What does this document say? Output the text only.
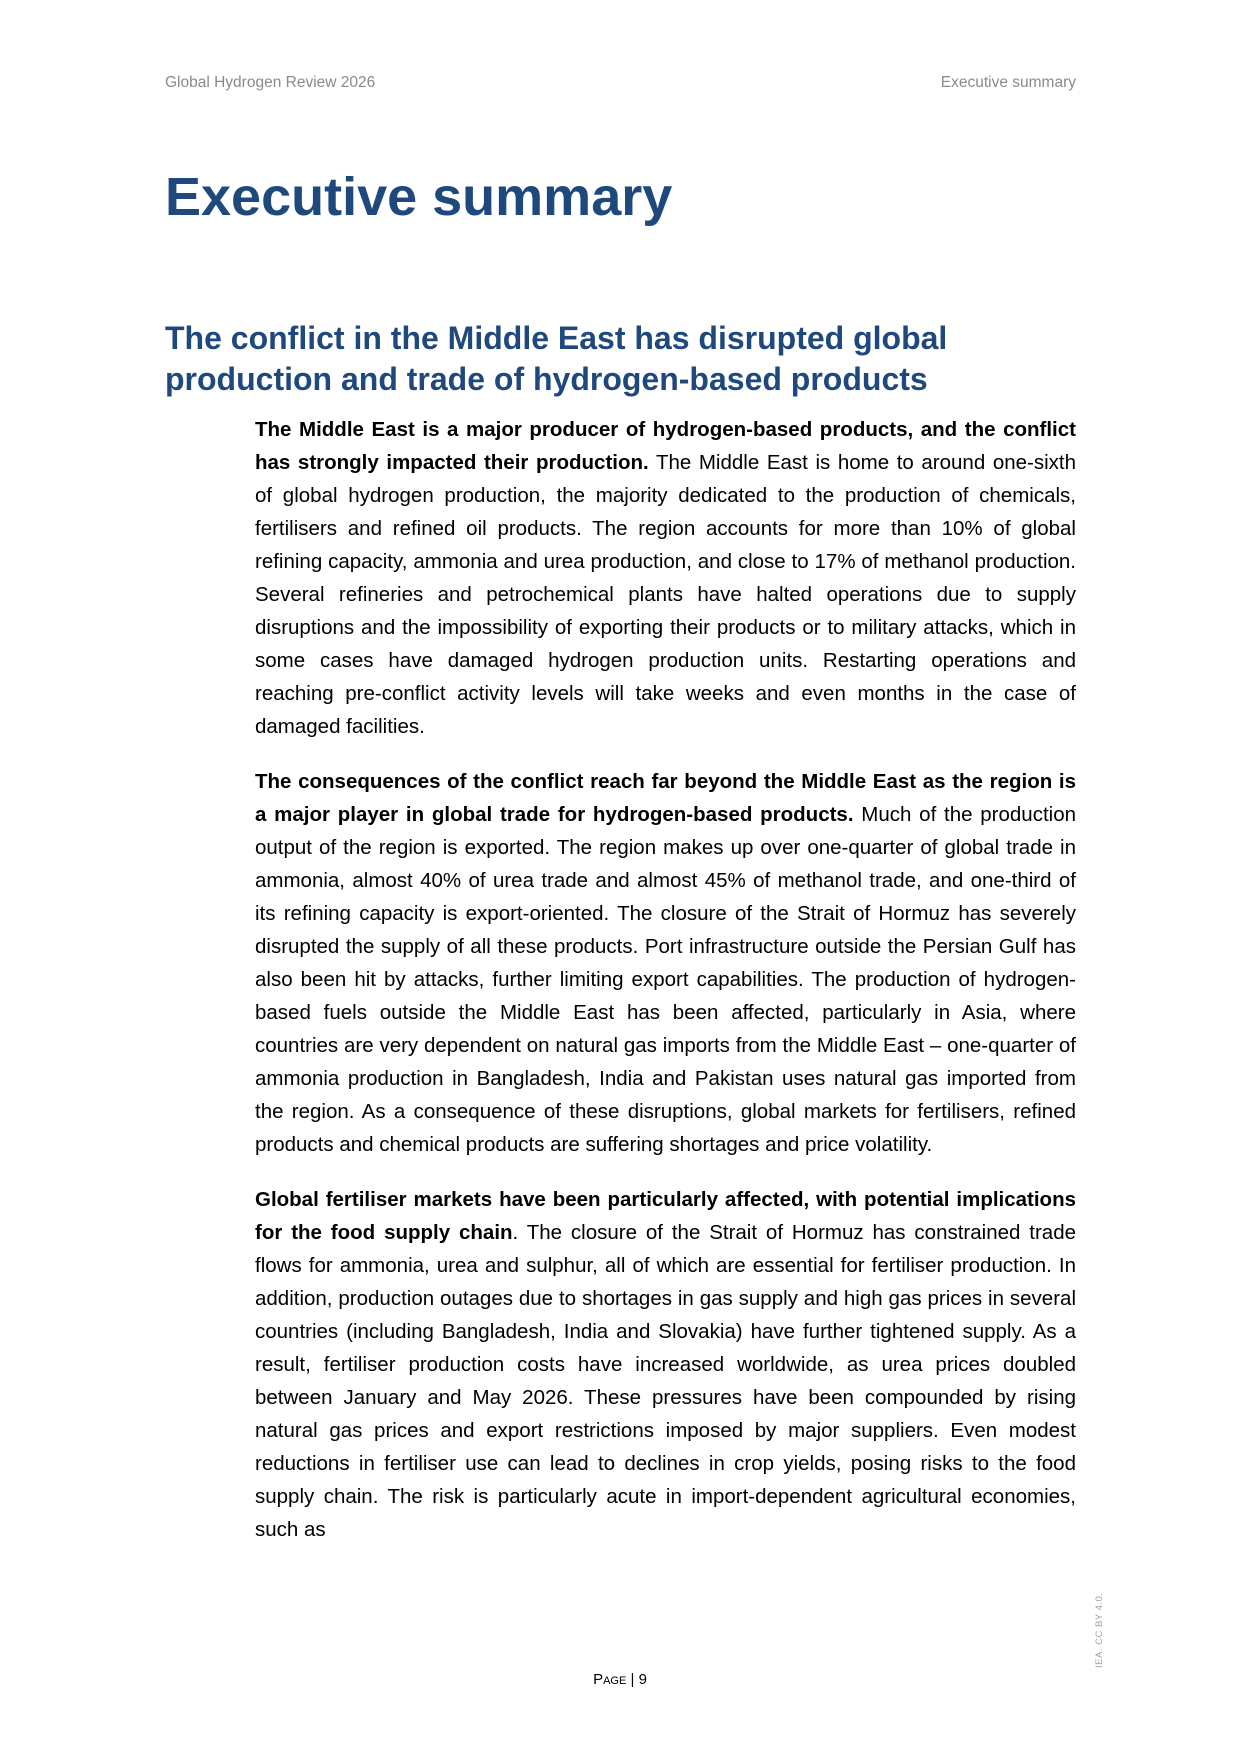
Global Hydrogen Review 2026	Executive summary
Executive summary
The conflict in the Middle East has disrupted global production and trade of hydrogen-based products

The Middle East is a major producer of hydrogen-based products, and the conflict has strongly impacted their production. The Middle East is home to around one-sixth of global hydrogen production, the majority dedicated to the production of chemicals, fertilisers and refined oil products. The region accounts for more than 10% of global refining capacity, ammonia and urea production, and close to 17% of methanol production. Several refineries and petrochemical plants have halted operations due to supply disruptions and the impossibility of exporting their products or to military attacks, which in some cases have damaged hydrogen production units. Restarting operations and reaching pre-conflict activity levels will take weeks and even months in the case of damaged facilities.

The consequences of the conflict reach far beyond the Middle East as the region is a major player in global trade for hydrogen-based products. Much of the production output of the region is exported. The region makes up over one-quarter of global trade in ammonia, almost 40% of urea trade and almost 45% of methanol trade, and one-third of its refining capacity is export-oriented. The closure of the Strait of Hormuz has severely disrupted the supply of all these products. Port infrastructure outside the Persian Gulf has also been hit by attacks, further limiting export capabilities. The production of hydrogen-based fuels outside the Middle East has been affected, particularly in Asia, where countries are very dependent on natural gas imports from the Middle East – one-quarter of ammonia production in Bangladesh, India and Pakistan uses natural gas imported from the region. As a consequence of these disruptions, global markets for fertilisers, refined products and chemical products are suffering shortages and price volatility.

Global fertiliser markets have been particularly affected, with potential implications for the food supply chain. The closure of the Strait of Hormuz has constrained trade flows for ammonia, urea and sulphur, all of which are essential for fertiliser production. In addition, production outages due to shortages in gas supply and high gas prices in several countries (including Bangladesh, India and Slovakia) have further tightened supply. As a result, fertiliser production costs have increased worldwide, as urea prices doubled between January and May 2026. These pressures have been compounded by rising natural gas prices and export restrictions imposed by major suppliers. Even modest reductions in fertiliser use can lead to declines in crop yields, posing risks to the food supply chain. The risk is particularly acute in import-dependent agricultural economies, such as

Page | 9
IEA. CC BY 4.0.
